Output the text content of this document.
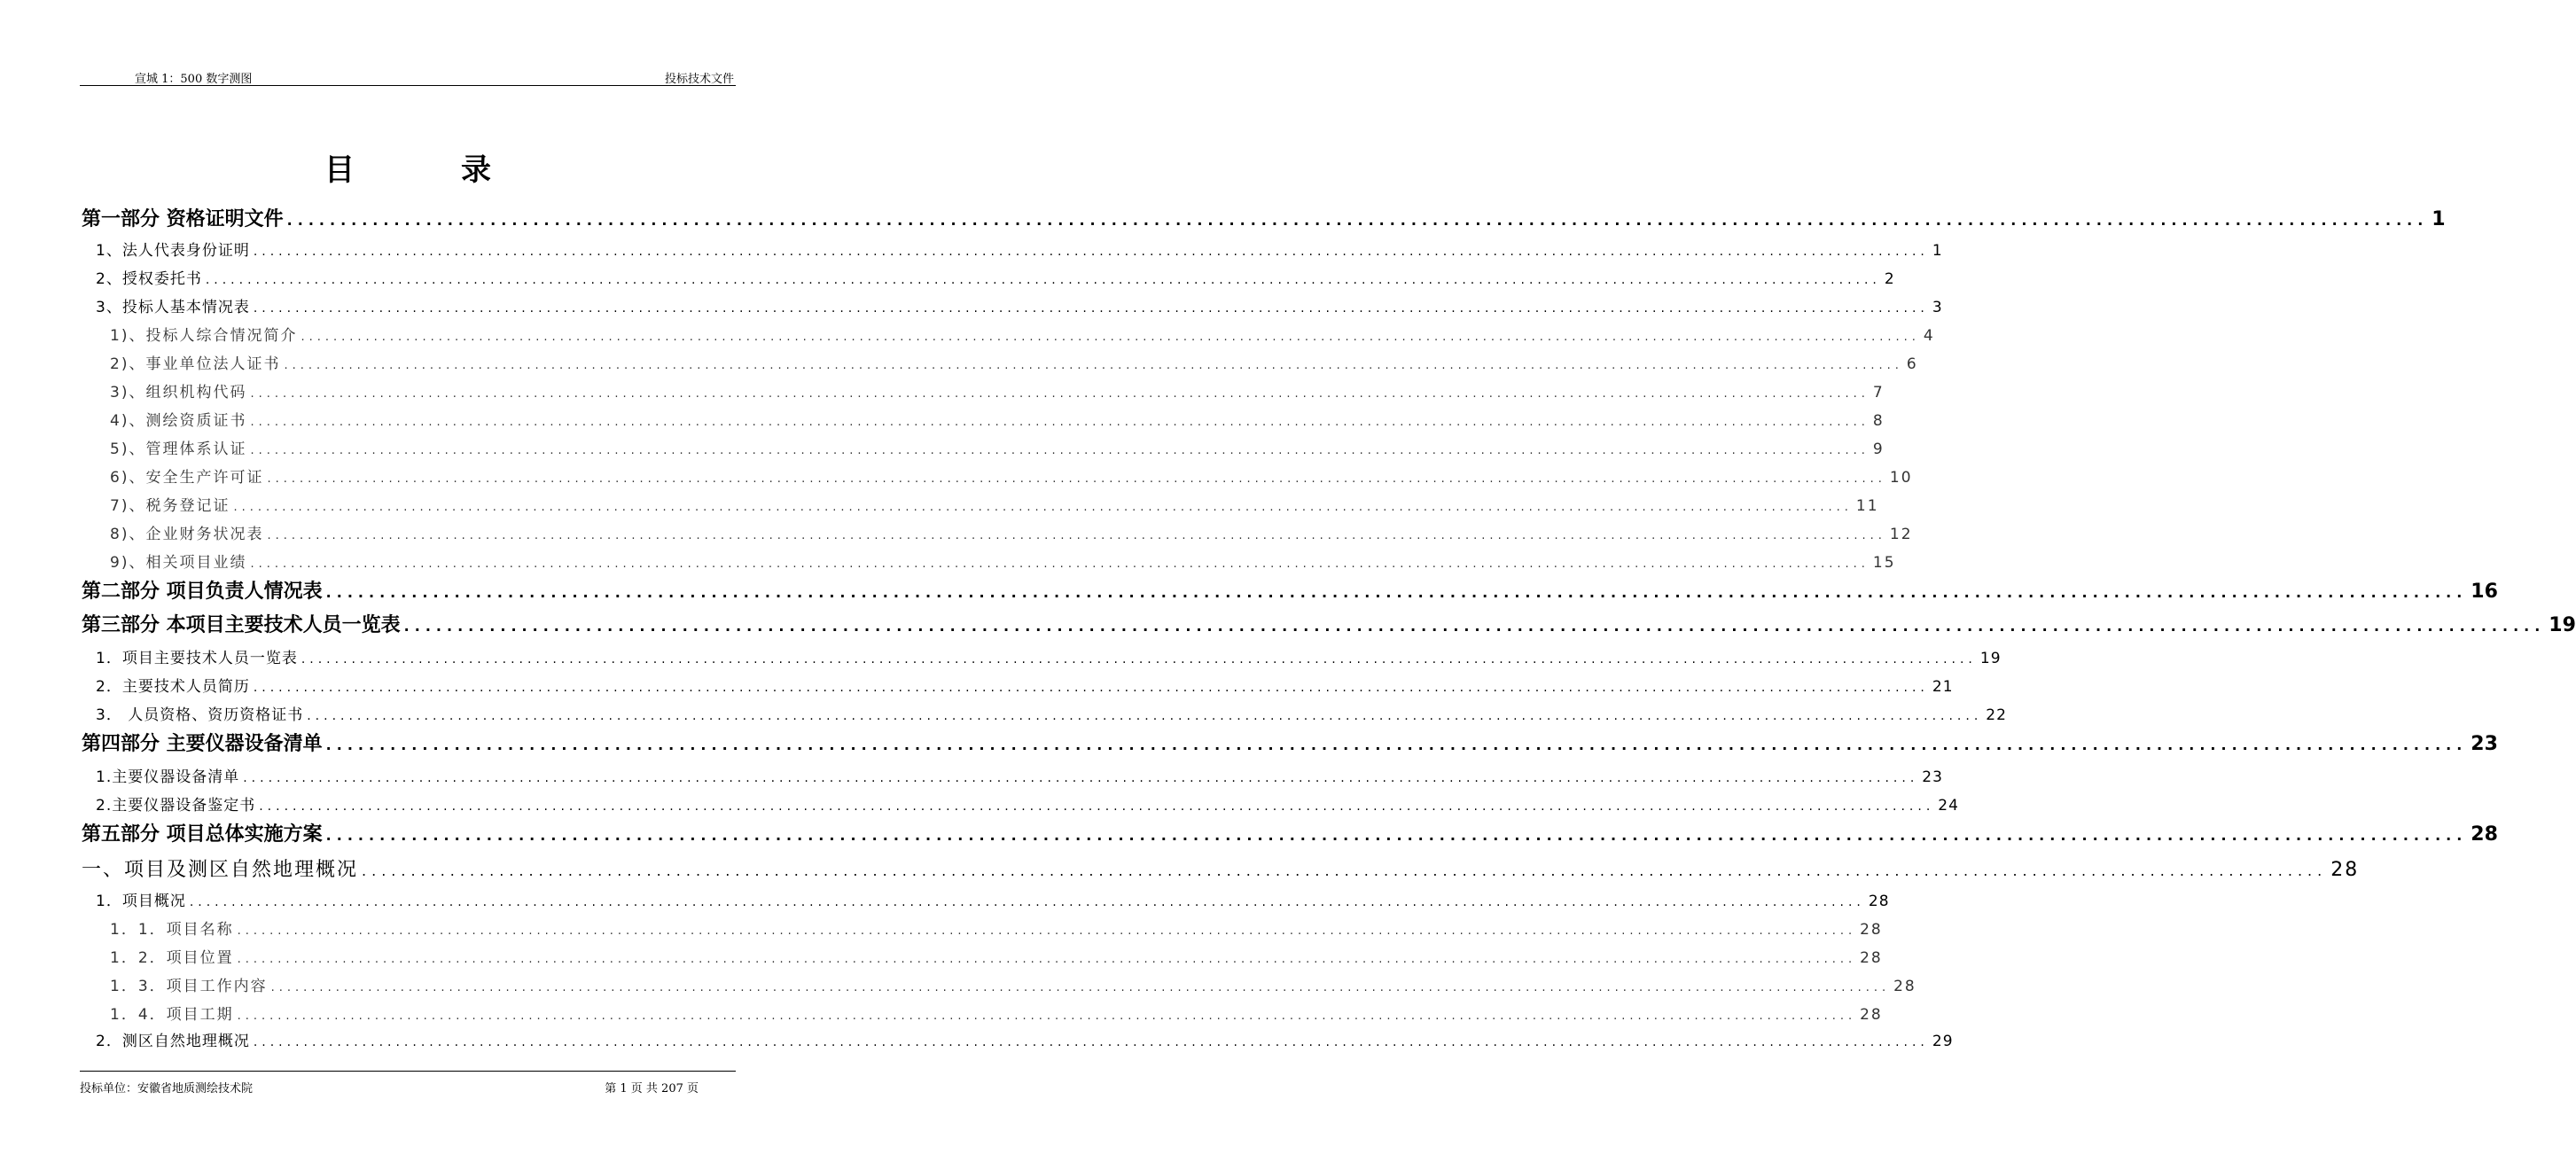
宣城 1：500 数字测图	投标技术文件
目	录
第一部分 资格证明文件 ........................................................................................................................................................................................................ 1
1、法人代表身份证明 ........................................................................................................................................................................................................ 1
2、授权委托书 ........................................................................................................................................................................................................ 2
3、投标人基本情况表 ........................................................................................................................................................................................................ 3
1)、投标人综合情况简介 ........................................................................................................................................................................................................ 4
2)、事业单位法人证书 ........................................................................................................................................................................................................ 6
3)、组织机构代码 ........................................................................................................................................................................................................ 7
4)、测绘资质证书 ........................................................................................................................................................................................................ 8
5)、管理体系认证 ........................................................................................................................................................................................................ 9
6)、安全生产许可证 ........................................................................................................................................................................................................ 10
7)、税务登记证 ........................................................................................................................................................................................................ 11
8)、企业财务状况表 ........................................................................................................................................................................................................ 12
9)、相关项目业绩 ........................................................................................................................................................................................................ 15
第二部分 项目负责人情况表 ........................................................................................................................................................................................................ 16
第三部分 本项目主要技术人员一览表 ........................................................................................................................................................................................................ 19
1．项目主要技术人员一览表 ........................................................................................................................................................................................................ 19
2．主要技术人员简历 ........................................................................................................................................................................................................ 21
3． 人员资格、资历资格证书 ........................................................................................................................................................................................................ 22
第四部分 主要仪器设备清单 ........................................................................................................................................................................................................ 23
1.主要仪器设备清单 ........................................................................................................................................................................................................ 23
2.主要仪器设备鉴定书 ........................................................................................................................................................................................................ 24
第五部分 项目总体实施方案 ........................................................................................................................................................................................................ 28
一、项目及测区自然地理概况 ........................................................................................................................................................................................................ 28
1．项目概况 ........................................................................................................................................................................................................ 28
1．1．项目名称 ........................................................................................................................................................................................................ 28
1．2．项目位置 ........................................................................................................................................................................................................ 28
1．3．项目工作内容 ........................................................................................................................................................................................................ 28
1．4．项目工期 ........................................................................................................................................................................................................ 28
2．测区自然地理概况 ........................................................................................................................................................................................................ 29
投标单位：安徽省地质测绘技术院	第 1 页 共 207 页
